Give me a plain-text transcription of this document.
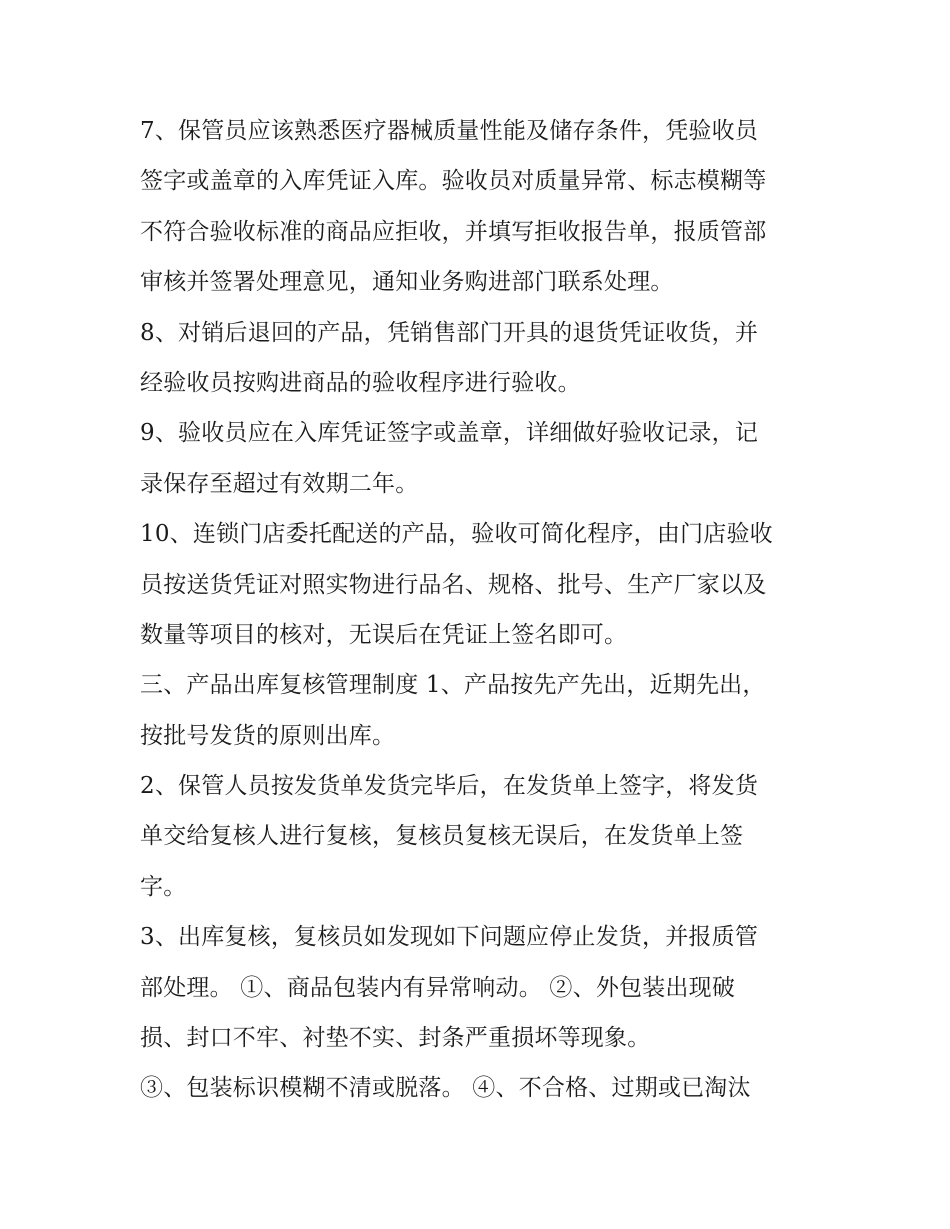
7、保管员应该熟悉医疗器械质量性能及储存条件，凭验收员
签字或盖章的入库凭证入库。验收员对质量异常、标志模糊等
不符合验收标准的商品应拒收，并填写拒收报告单，报质管部
审核并签署处理意见，通知业务购进部门联系处理。
8、对销后退回的产品，凭销售部门开具的退货凭证收货，并
经验收员按购进商品的验收程序进行验收。
9、验收员应在入库凭证签字或盖章，详细做好验收记录，记
录保存至超过有效期二年。
10、连锁门店委托配送的产品，验收可简化程序，由门店验收
员按送货凭证对照实物进行品名、规格、批号、生产厂家以及
数量等项目的核对，无误后在凭证上签名即可。
三、产品出库复核管理制度 1、产品按先产先出，近期先出，
按批号发货的原则出库。
2、保管人员按发货单发货完毕后，在发货单上签字，将发货
单交给复核人进行复核，复核员复核无误后，在发货单上签
字。
3、出库复核，复核员如发现如下问题应停止发货，并报质管
部处理。 ①、商品包装内有异常响动。 ②、外包装出现破
损、封口不牢、衬垫不实、封条严重损坏等现象。
③、包装标识模糊不清或脱落。 ④、不合格、过期或已淘汰
